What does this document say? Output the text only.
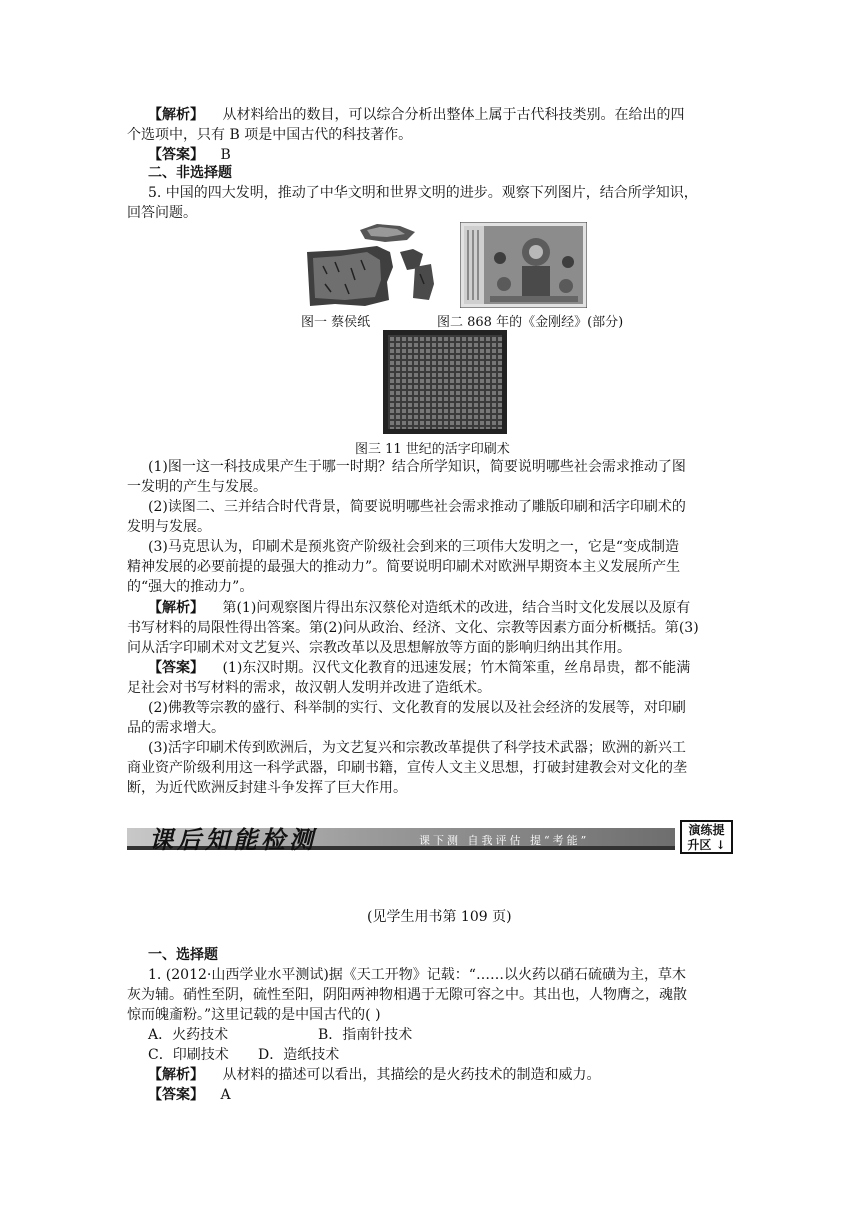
【解析】 从材料给出的数目，可以综合分析出整体上属于古代科技类别。在给出的四
个选项中，只有 B 项是中国古代的科技著作。
【答案】 B
二、非选择题
5. 中国的四大发明，推动了中华文明和世界文明的进步。观察下列图片，结合所学知识，
回答问题。
图一 蔡侯纸	图二 868 年的《金刚经》(部分)
图三 11 世纪的活字印刷术
(1)图一这一科技成果产生于哪一时期？结合所学知识，简要说明哪些社会需求推动了图
一发明的产生与发展。
(2)读图二、三并结合时代背景，简要说明哪些社会需求推动了雕版印刷和活字印刷术的
发明与发展。
(3)马克思认为，印刷术是预兆资产阶级社会到来的三项伟大发明之一，它是“变成制造
精神发展的必要前提的最强大的推动力”。简要说明印刷术对欧洲早期资本主义发展所产生
的“强大的推动力”。
【解析】 第(1)问观察图片得出东汉蔡伦对造纸术的改进，结合当时文化发展以及原有
书写材料的局限性得出答案。第(2)问从政治、经济、文化、宗教等因素方面分析概括。第(3)
问从活字印刷术对文艺复兴、宗教改革以及思想解放等方面的影响归纳出其作用。
【答案】 (1)东汉时期。汉代文化教育的迅速发展；竹木简笨重，丝帛昂贵，都不能满
足社会对书写材料的需求，故汉朝人发明并改进了造纸术。
(2)佛教等宗教的盛行、科举制的实行、文化教育的发展以及社会经济的发展等，对印刷
品的需求增大。
(3)活字印刷术传到欧洲后，为文艺复兴和宗教改革提供了科学技术武器；欧洲的新兴工
商业资产阶级利用这一科学武器，印刷书籍，宣传人文主义思想，打破封建教会对文化的垄
断，为近代欧洲反封建斗争发挥了巨大作用。
课后知能检测	课下测 自我评估 提“考能”
演练提
升区 ↓
(见学生用书第 109 页)
一、选择题
1. (2012·山西学业水平测试)据《天工开物》记载：“……以火药以硝石硫磺为主，草木
灰为辅。硝性至阴，硫性至阳，阴阳两神物相遇于无隙可容之中。其出也，人物膺之，魂散
惊而魄齑粉。”这里记载的是中国古代的( )
A．火药技术	B．指南针技术
C．印刷技术 D．造纸技术
【解析】 从材料的描述可以看出，其描绘的是火药技术的制造和威力。
【答案】 A
